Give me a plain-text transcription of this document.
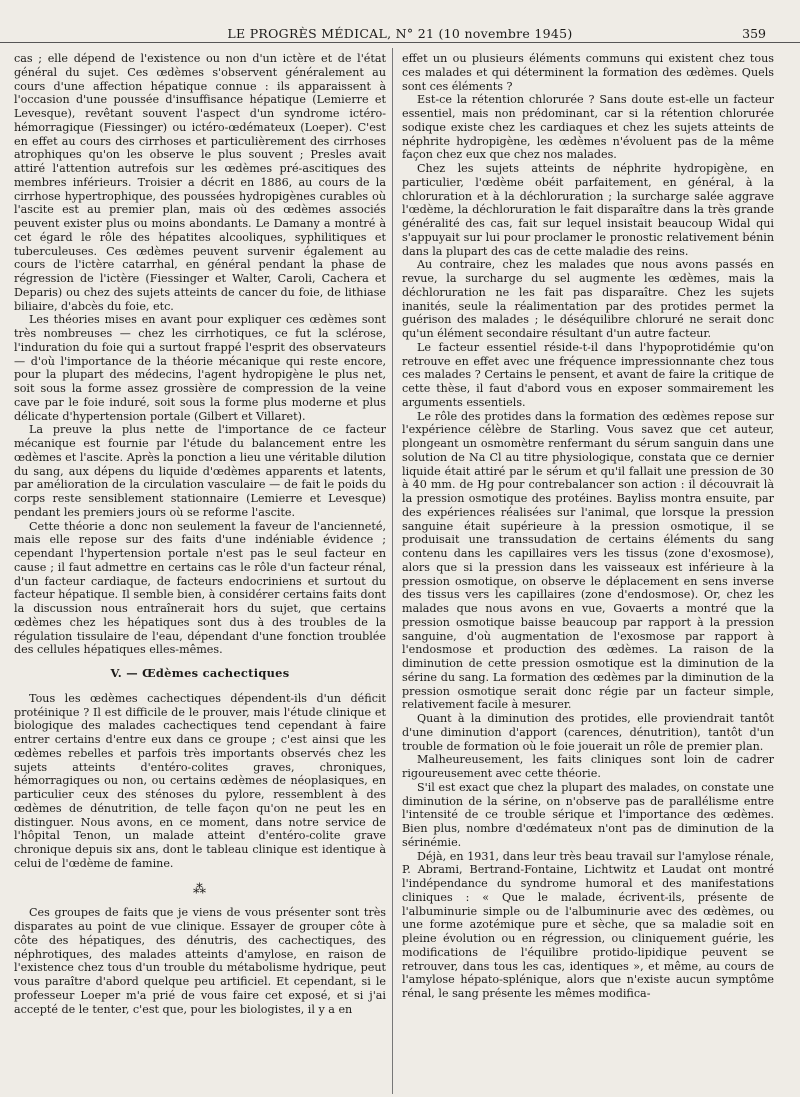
LE PROGRÈS MÉDICAL, N° 21 (10 novembre 1945)	359

cas ; elle dépend de l'existence ou non d'un ictère et de l'état général du sujet. Ces œdèmes s'observent généralement au cours d'une affection hépatique connue : ils apparaissent à l'occasion d'une poussée d'insuffisance hépatique (Lemierre et Levesque), revêtant souvent l'aspect d'un syndrome ictéro-hémorragique (Fiessinger) ou ictéro-œdémateux (Loeper). C'est en effet au cours des cirrhoses et particulièrement des cirrhoses atrophiques qu'on les observe le plus souvent ; Presles avait attiré l'attention autrefois sur les œdèmes pré-ascitiques des membres inférieurs. Troisier a décrit en 1886, au cours de la cirrhose hypertrophique, des poussées hydropigènes curables où l'ascite est au premier plan, mais où des œdèmes associés peuvent exister plus ou moins abondants. Le Damany a montré à cet égard le rôle des hépatites alcooliques, syphilitiques et tuberculeuses. Ces œdèmes peuvent survenir également au cours de l'ictère catarrhal, en général pendant la phase de régression de l'ictère (Fiessinger et Walter, Caroli, Cachera et Deparis) ou chez des sujets atteints de cancer du foie, de lithiase biliaire, d'abcès du foie, etc.

Les théories mises en avant pour expliquer ces œdèmes sont très nombreuses — chez les cirrhotiques, ce fut la sclérose, l'induration du foie qui a surtout frappé l'esprit des observateurs — d'où l'importance de la théorie mécanique qui reste encore, pour la plupart des médecins, l'agent hydropigène le plus net, soit sous la forme assez grossière de compression de la veine cave par le foie induré, soit sous la forme plus moderne et plus délicate d'hypertension portale (Gilbert et Villaret).

La preuve la plus nette de l'importance de ce facteur mécanique est fournie par l'étude du balancement entre les œdèmes et l'ascite. Après la ponction a lieu une véritable dilution du sang, aux dépens du liquide d'œdèmes apparents et latents, par amélioration de la circulation vasculaire — de fait le poids du corps reste sensiblement stationnaire (Lemierre et Levesque) pendant les premiers jours où se reforme l'ascite.

Cette théorie a donc non seulement la faveur de l'ancienneté, mais elle repose sur des faits d'une indéniable évidence ; cependant l'hypertension portale n'est pas le seul facteur en cause ; il faut admettre en certains cas le rôle d'un facteur rénal, d'un facteur cardiaque, de facteurs endocriniens et surtout du facteur hépatique. Il semble bien, à considérer certains faits dont la discussion nous entraînerait hors du sujet, que certains œdèmes chez les hépatiques sont dus à des troubles de la régulation tissulaire de l'eau, dépendant d'une fonction troublée des cellules hépatiques elles-mêmes.

V. — Œdèmes cachectiques

Tous les œdèmes cachectiques dépendent-ils d'un déficit protéinique ? Il est difficile de le prouver, mais l'étude clinique et biologique des malades cachectiques tend cependant à faire entrer certains d'entre eux dans ce groupe ; c'est ainsi que les œdèmes rebelles et parfois très importants observés chez les sujets atteints d'entéro-colites graves, chroniques, hémorragiques ou non, ou certains œdèmes de néoplasiques, en particulier ceux des sténoses du pylore, ressemblent à des œdèmes de dénutrition, de telle façon qu'on ne peut les en distinguer. Nous avons, en ce moment, dans notre service de l'hôpital Tenon, un malade atteint d'entéro-colite grave chronique depuis six ans, dont le tableau clinique est identique à celui de l'œdème de famine.

⁂

Ces groupes de faits que je viens de vous présenter sont très disparates au point de vue clinique. Essayer de grouper côte à côte des hépatiques, des dénutris, des cachectiques, des néphrotiques, des malades atteints d'amylose, en raison de l'existence chez tous d'un trouble du métabolisme hydrique, peut vous paraître d'abord quelque peu artificiel. Et cependant, si le professeur Loeper m'a prié de vous faire cet exposé, et si j'ai accepté de le tenter, c'est que, pour les biologistes, il y a en

effet un ou plusieurs éléments communs qui existent chez tous ces malades et qui déterminent la formation des œdèmes. Quels sont ces éléments ?

Est-ce la rétention chlorurée ? Sans doute est-elle un facteur essentiel, mais non prédominant, car si la rétention chlorurée sodique existe chez les cardiaques et chez les sujets atteints de néphrite hydropigène, les œdèmes n'évoluent pas de la même façon chez eux que chez nos malades.

Chez les sujets atteints de néphrite hydropigène, en particulier, l'œdème obéit parfaitement, en général, à la chloruration et à la déchloruration ; la surcharge salée aggrave l'œdème, la déchloruration le fait disparaître dans la très grande généralité des cas, fait sur lequel insistait beaucoup Widal qui s'appuyait sur lui pour proclamer le pronostic relativement bénin dans la plupart des cas de cette maladie des reins.

Au contraire, chez les malades que nous avons passés en revue, la surcharge du sel augmente les œdèmes, mais la déchloruration ne les fait pas disparaître. Chez les sujets inanités, seule la réalimentation par des protides permet la guérison des malades ; le déséquilibre chloruré ne serait donc qu'un élément secondaire résultant d'un autre facteur.

Le facteur essentiel réside-t-il dans l'hypoprotidémie qu'on retrouve en effet avec une fréquence impressionnante chez tous ces malades ? Certains le pensent, et avant de faire la critique de cette thèse, il faut d'abord vous en exposer sommairement les arguments essentiels.

Le rôle des protides dans la formation des œdèmes repose sur l'expérience célèbre de Starling. Vous savez que cet auteur, plongeant un osmomètre renfermant du sérum sanguin dans une solution de Na Cl au titre physiologique, constata que ce dernier liquide était attiré par le sérum et qu'il fallait une pression de 30 à 40 mm. de Hg pour contrebalancer son action : il découvrait là la pression osmotique des protéines. Bayliss montra ensuite, par des expériences réalisées sur l'animal, que lorsque la pression sanguine était supérieure à la pression osmotique, il se produisait une transsudation de certains éléments du sang contenu dans les capillaires vers les tissus (zone d'exosmose), alors que si la pression dans les vaisseaux est inférieure à la pression osmotique, on observe le déplacement en sens inverse des tissus vers les capillaires (zone d'endosmose). Or, chez les malades que nous avons en vue, Govaerts a montré que la pression osmotique baisse beaucoup par rapport à la pression sanguine, d'où augmentation de l'exosmose par rapport à l'endosmose et production des œdèmes. La raison de la diminution de cette pression osmotique est la diminution de la sérine du sang. La formation des œdèmes par la diminution de la pression osmotique serait donc régie par un facteur simple, relativement facile à mesurer.

Quant à la diminution des protides, elle proviendrait tantôt d'une diminution d'apport (carences, dénutrition), tantôt d'un trouble de formation où le foie jouerait un rôle de premier plan.

Malheureusement, les faits cliniques sont loin de cadrer rigoureusement avec cette théorie.

S'il est exact que chez la plupart des malades, on constate une diminution de la sérine, on n'observe pas de parallélisme entre l'intensité de ce trouble sérique et l'importance des œdèmes. Bien plus, nombre d'œdémateux n'ont pas de diminution de la sérinémie.

Déjà, en 1931, dans leur très beau travail sur l'amylose rénale, P. Abrami, Bertrand-Fontaine, Lichtwitz et Laudat ont montré l'indépendance du syndrome humoral et des manifestations cliniques : « Que le malade, écrivent-ils, présente de l'albuminurie simple ou de l'albuminurie avec des œdèmes, ou une forme azotémique pure et sèche, que sa maladie soit en pleine évolution ou en régression, ou cliniquement guérie, les modifications de l'équilibre protido-lipidique peuvent se retrouver, dans tous les cas, identiques », et même, au cours de l'amylose hépato-splénique, alors que n'existe aucun symptôme rénal, le sang présente les mêmes modifica-
